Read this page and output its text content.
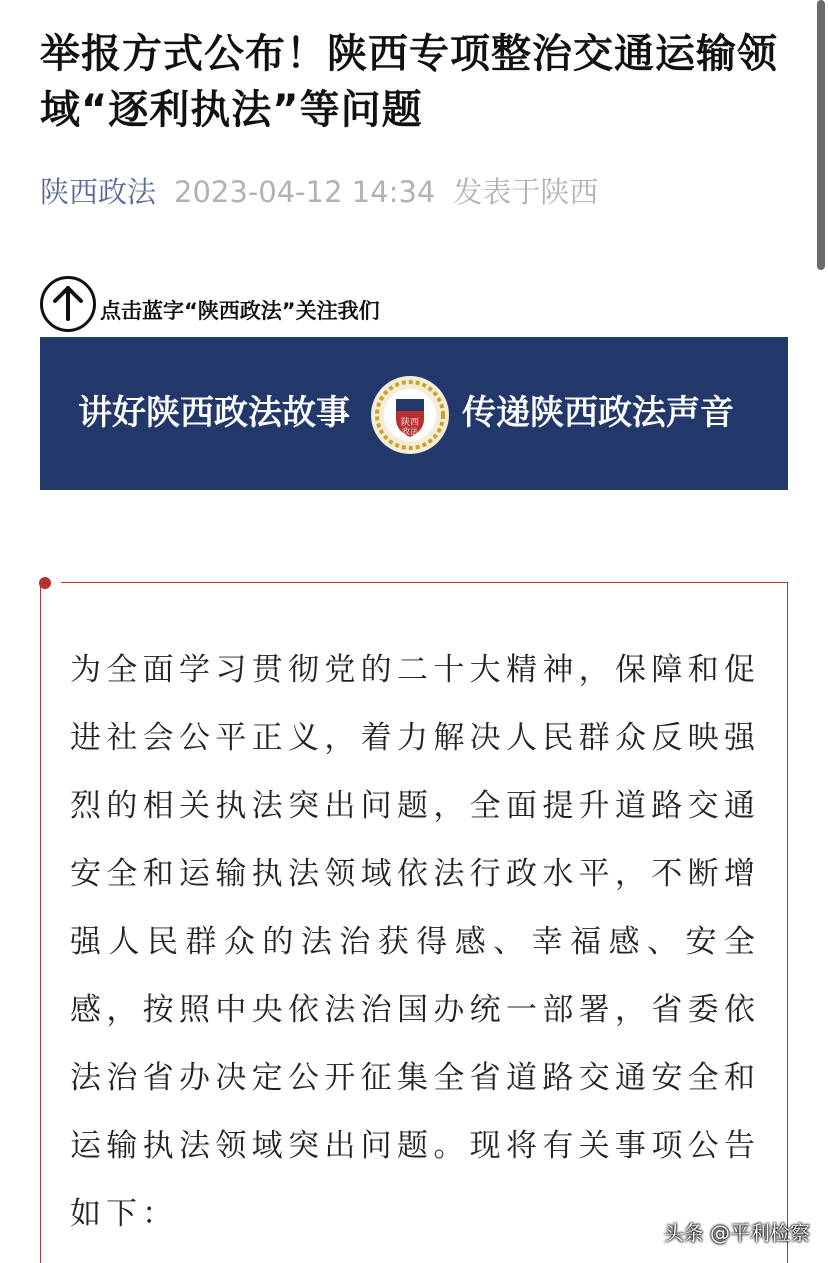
举报方式公布！陕西专项整治交通运输领域“逐利执法”等问题
陕西政法 2023-04-12 14:34 发表于陕西
点击蓝字“陕西政法”关注我们
讲好陕西政法故事	陕西
政法 传递陕西政法声音

为全面学习贯彻党的二十大精神，保障和促进社会公平正义，着力解决人民群众反映强烈的相关执法突出问题，全面提升道路交通安全和运输执法领域依法行政水平，不断增强人民群众的法治获得感、幸福感、安全感，按照中央依法治国办统一部署，省委依法治省办决定公开征集全省道路交通安全和运输执法领域突出问题。现将有关事项公告如下：

头条 @平利检察
